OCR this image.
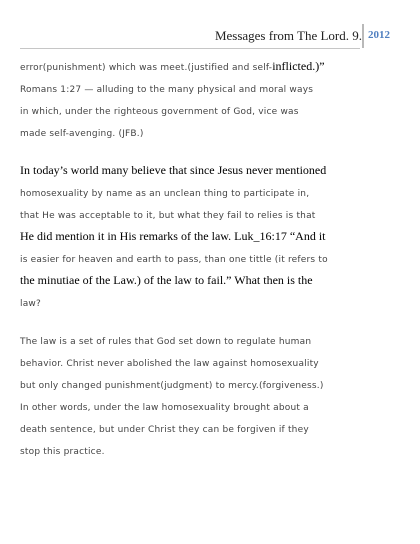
Messages from The Lord. 9. 2012
error(punishment) which was meet.(justified and self-inflicted.)”
Romans 1:27 — alluding to the many physical and moral ways
in which, under the righteous government of God, vice was
made self-avenging. (JFB.)
In today’s world many believe that since Jesus never mentioned
homosexuality by name as an unclean thing to participate in,
that He was acceptable to it, but what they fail to relies is that
He did mention it in His remarks of the law. Luk_16:17 “And it
is easier for heaven and earth to pass, than one tittle (it refers to
the minutiae of the Law.) of the law to fail.” What then is the
law?
The law is a set of rules that God set down to regulate human
behavior. Christ never abolished the law against homosexuality
but only changed punishment(judgment) to mercy.(forgiveness.)
In other words, under the law homosexuality brought about a
death sentence, but under Christ they can be forgiven if they
stop this practice.
